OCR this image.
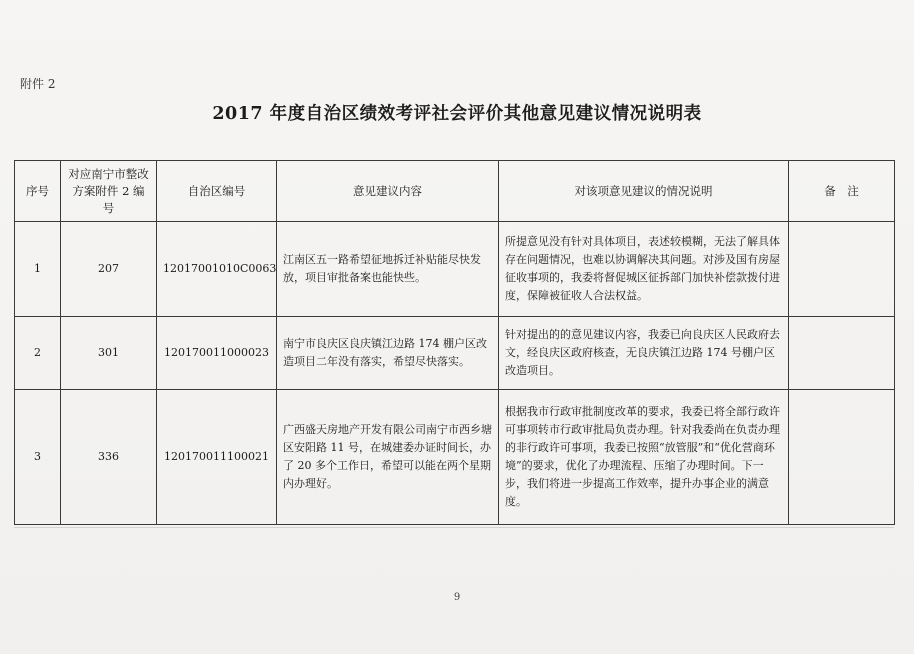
附件 2
2017 年度自治区绩效考评社会评价其他意见建议情况说明表
序号	对应南宁市整改方案附件 2 编号	自治区编号	意见建议内容	对该项意见建议的情况说明	备　注
1	207	12017001010C0063	江南区五一路希望征地拆迁补贴能尽快发放，项目审批备案也能快些。	所提意见没有针对具体项目，表述较模糊，无法了解具体存在问题情况，也难以协调解决其问题。对涉及国有房屋征收事项的，我委将督促城区征拆部门加快补偿款拨付进度，保障被征收人合法权益。	
2	301	120170011000023	南宁市良庆区良庆镇江边路 174 棚户区改造项目二年没有落实，希望尽快落实。	针对提出的的意见建议内容，我委已向良庆区人民政府去文，经良庆区政府核查，无良庆镇江边路 174 号棚户区改造项目。	
3	336	120170011100021	广西盛天房地产开发有限公司南宁市西乡塘区安阳路 11 号，在城建委办证时间长，办了 20 多个工作日，希望可以能在两个星期内办理好。	根据我市行政审批制度改革的要求，我委已将全部行政许可事项转市行政审批局负责办理。针对我委尚在负责办理的非行政许可事项，我委已按照“放管服”和“优化营商环境”的要求，优化了办理流程、压缩了办理时间。下一步，我们将进一步提高工作效率，提升办事企业的满意度。	
9
